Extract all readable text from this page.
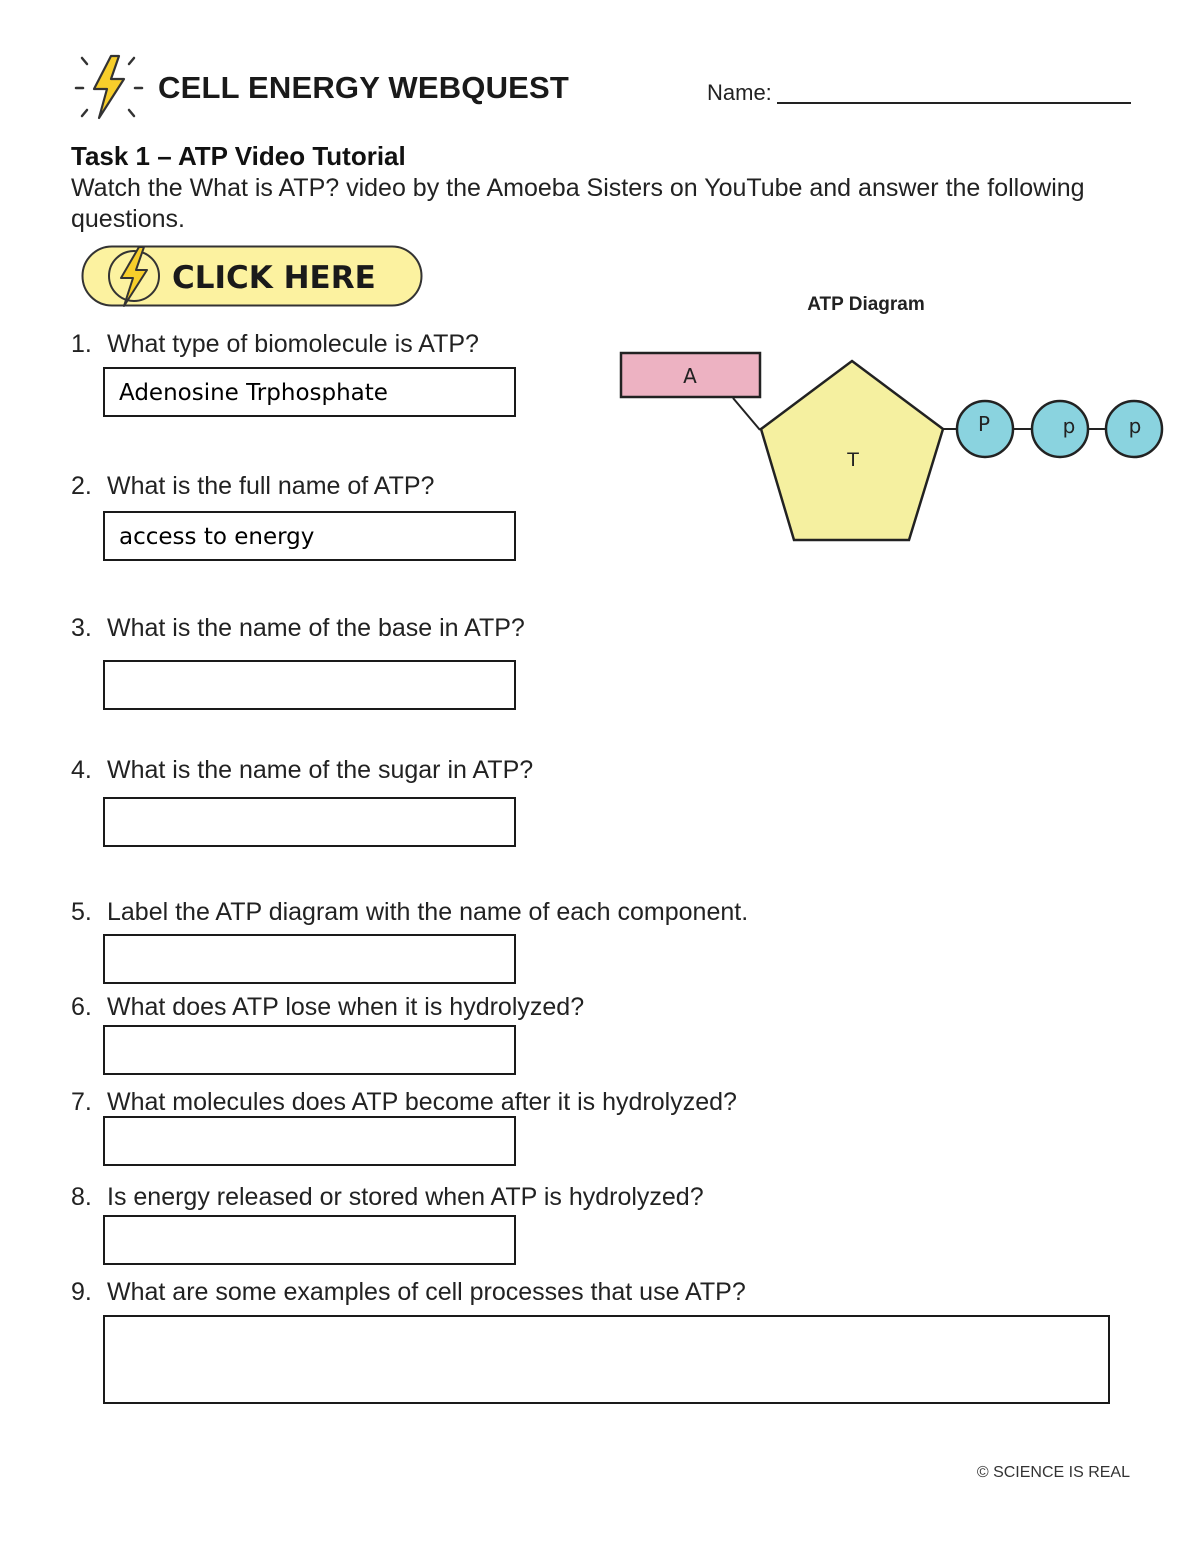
CELL ENERGY WEBQUEST	Name:
Task 1 – ATP Video Tutorial
Watch the What is ATP? video by the Amoeba Sisters on YouTube and answer the following questions.
CLICK HERE
ATP Diagram
A
T
P	p	p
1. What type of biomolecule is ATP?
Adenosine Trphosphate
2. What is the full name of ATP?
access to energy
3. What is the name of the base in ATP?
4. What is the name of the sugar in ATP?
5. Label the ATP diagram with the name of each component.
6. What does ATP lose when it is hydrolyzed?
7. What molecules does ATP become after it is hydrolyzed?
8. Is energy released or stored when ATP is hydrolyzed?
9. What are some examples of cell processes that use ATP?
© SCIENCE IS REAL
